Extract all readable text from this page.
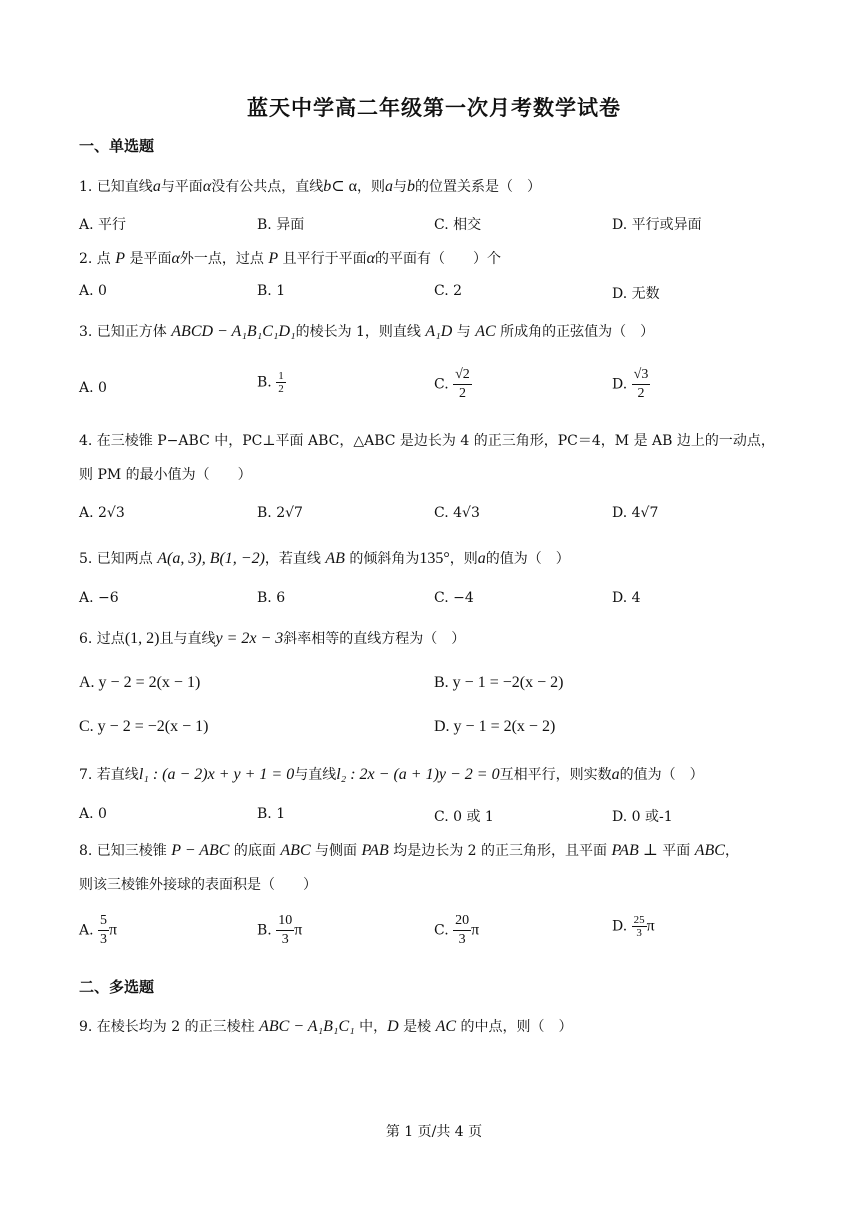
蓝天中学高二年级第一次月考数学试卷
一、单选题
1. 已知直线a与平面α没有公共点，直线b⊂ α，则a与b的位置关系是（　）
A. 平行	B. 异面	C. 相交	D. 平行或异面
2. 点 P 是平面α外一点，过点 P 且平行于平面α的平面有（　　）个
A. 0	B. 1	C. 2	D. 无数
3. 已知正方体 ABCD − A₁B₁C₁D₁的棱长为 1，则直线 A₁D 与 AC 所成角的正弦值为（　）
A. 0	B. $\frac{1}{2}$	C. $\frac{√2}{2}$	D. $\frac{√3}{2}$
4. 在三棱锥 P−ABC 中，PC⊥平面 ABC，△ABC 是边长为 4 的正三角形，PC＝4，M 是 AB 边上的一动点，
则 PM 的最小值为（　　）
A. 2√3	B. 2√7	C. 4√3	D. 4√7
5. 已知两点 A(a, 3), B(1, −2)，若直线 AB 的倾斜角为135°，则a的值为（　）
A. −6	B. 6	C. −4	D. 4
6. 过点(1, 2)且与直线y = 2x − 3斜率相等的直线方程为（　）
A. y − 2 = 2(x − 1)	B. y − 1 = −2(x − 2)
C. y − 2 = −2(x − 1)	D. y − 1 = 2(x − 2)
7. 若直线l₁ : (a − 2)x + y + 1 = 0与直线l₂ : 2x − (a + 1)y − 2 = 0互相平行，则实数a的值为（　）
A. 0	B. 1	C. 0 或 1	D. 0 或-1
8. 已知三棱锥 P − ABC 的底面 ABC 与侧面 PAB 均是边长为 2 的正三角形，且平面 PAB ⊥ 平面 ABC，
则该三棱锥外接球的表面积是（　　）
A. $\frac{5}{3}$ π	B. $\frac{10}{3}$ π	C. $\frac{20}{3}$ π	D. $\frac{25}{3}$ π
二、多选题
9. 在棱长均为 2 的正三棱柱 ABC − A₁B₁C₁ 中，D 是棱 AC 的中点，则（　）
第 1 页/共 4 页
